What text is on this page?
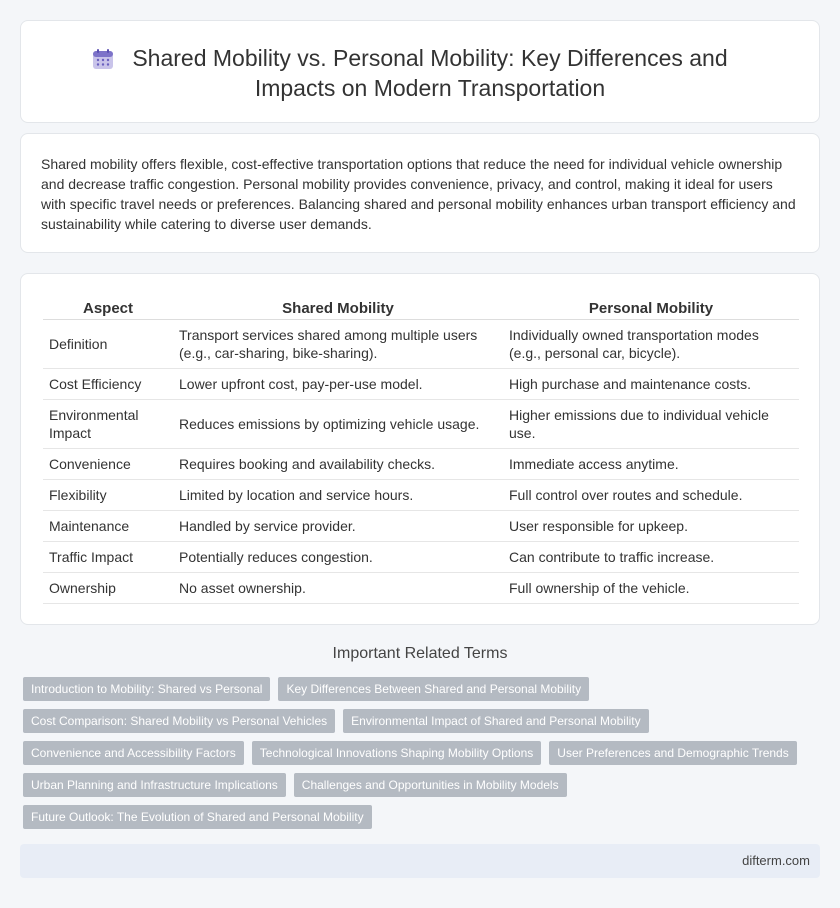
Shared Mobility vs. Personal Mobility: Key Differences and Impacts on Modern Transportation

Shared mobility offers flexible, cost-effective transportation options that reduce the need for individual vehicle ownership and decrease traffic congestion. Personal mobility provides convenience, privacy, and control, making it ideal for users with specific travel needs or preferences. Balancing shared and personal mobility enhances urban transport efficiency and sustainability while catering to diverse user demands.

Aspect	Shared Mobility	Personal Mobility
Definition	Transport services shared among multiple users (e.g., car-sharing, bike-sharing).	Individually owned transportation modes (e.g., personal car, bicycle).
Cost Efficiency	Lower upfront cost, pay-per-use model.	High purchase and maintenance costs.
Environmental Impact	Reduces emissions by optimizing vehicle usage.	Higher emissions due to individual vehicle use.
Convenience	Requires booking and availability checks.	Immediate access anytime.
Flexibility	Limited by location and service hours.	Full control over routes and schedule.
Maintenance	Handled by service provider.	User responsible for upkeep.
Traffic Impact	Potentially reduces congestion.	Can contribute to traffic increase.
Ownership	No asset ownership.	Full ownership of the vehicle.
Important Related Terms
Introduction to Mobility: Shared vs Personal	Key Differences Between Shared and Personal Mobility
Cost Comparison: Shared Mobility vs Personal Vehicles	Environmental Impact of Shared and Personal Mobility
Convenience and Accessibility Factors	Technological Innovations Shaping Mobility Options	User Preferences and Demographic Trends
Urban Planning and Infrastructure Implications	Challenges and Opportunities in Mobility Models
Future Outlook: The Evolution of Shared and Personal Mobility
difterm.com
